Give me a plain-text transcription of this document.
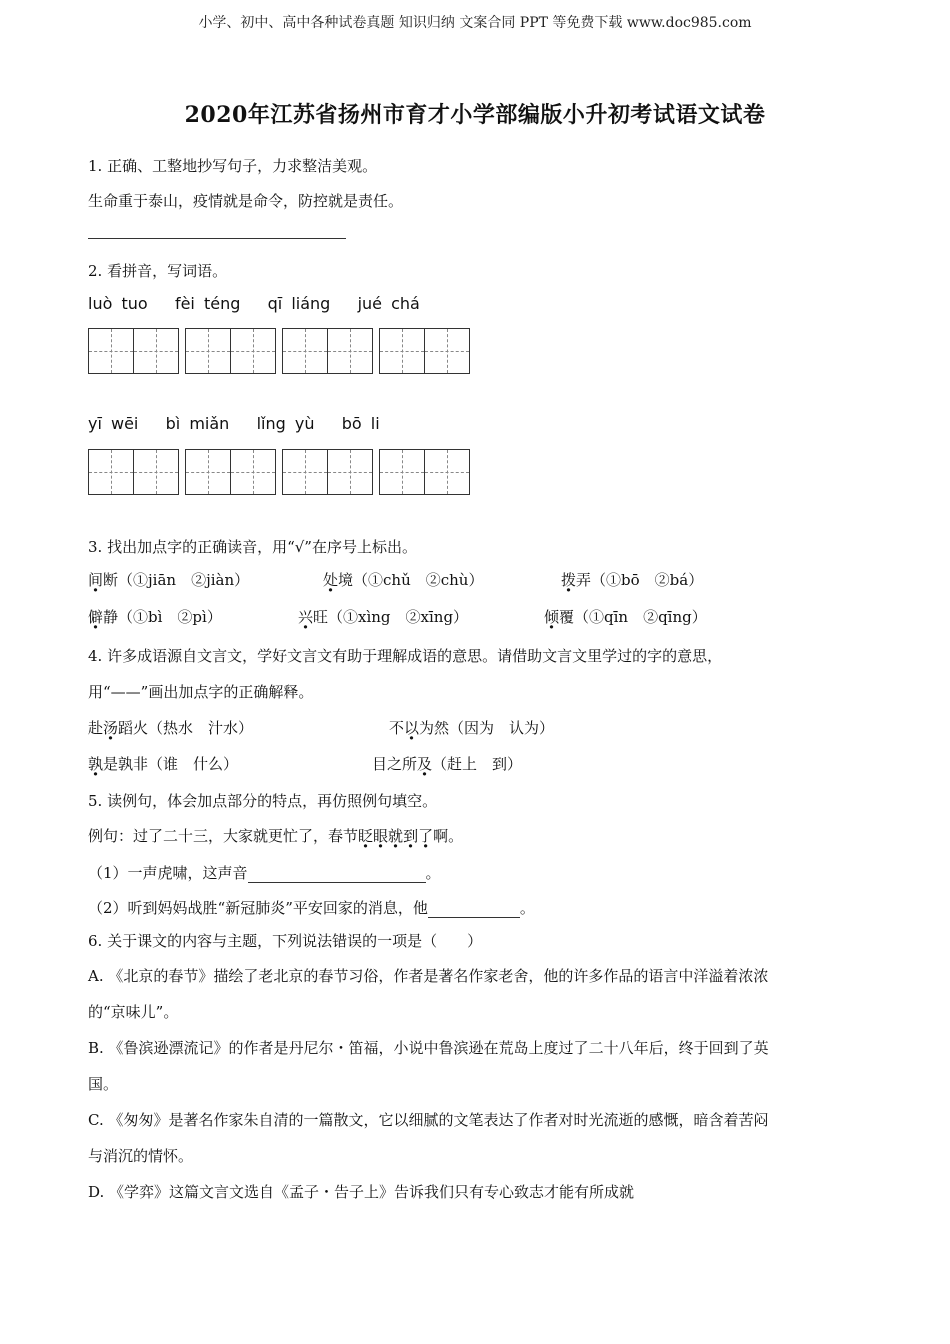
小学、初中、高中各种试卷真题 知识归纳 文案合同 PPT 等免费下载 www.doc985.com
2020年江苏省扬州市育才小学部编版小升初考试语文试卷
1. 正确、工整地抄写句子，力求整洁美观。
生命重于泰山，疫情就是命令，防控就是责任。
2. 看拼音，写词语。
luò tuo fèi téng qī liáng jué chá
yī wēi bì miǎn lǐng yù bō li
3. 找出加点字的正确读音，用“√”在序号上标出。
间断（①jiān　②jiàn）	处境（①chǔ　②chù）	拨弄（①bō　②bá）
僻静（①bì　②pì）	兴旺（①xìng　②xīng）	倾覆（①qīn　②qīng）
4. 许多成语源自文言文，学好文言文有助于理解成语的意思。请借助文言文里学过的字的意思，
用“——”画出加点字的正确解释。
赴汤蹈火（热水　汁水）	不以为然（因为　认为）
孰是孰非（谁　什么）	目之所及（赶上　到）
5. 读例句，体会加点部分的特点，再仿照例句填空。
例句：过了二十三，大家就更忙了，春节眨眼就到了啊。
（1）一声虎啸，这声音	。
（2）听到妈妈战胜“新冠肺炎”平安回家的消息，他	。
6. 关于课文的内容与主题，下列说法错误的一项是（　　）
A. 《北京的春节》描绘了老北京的春节习俗，作者是著名作家老舍，他的许多作品的语言中洋溢着浓浓
的“京味儿”。
B. 《鲁滨逊漂流记》的作者是丹尼尔・笛福，小说中鲁滨逊在荒岛上度过了二十八年后，终于回到了英
国。
C. 《匆匆》是著名作家朱自清的一篇散文，它以细腻的文笔表达了作者对时光流逝的感慨，暗含着苦闷
与消沉的情怀。
D. 《学弈》这篇文言文选自《孟子・告子上》告诉我们只有专心致志才能有所成就
